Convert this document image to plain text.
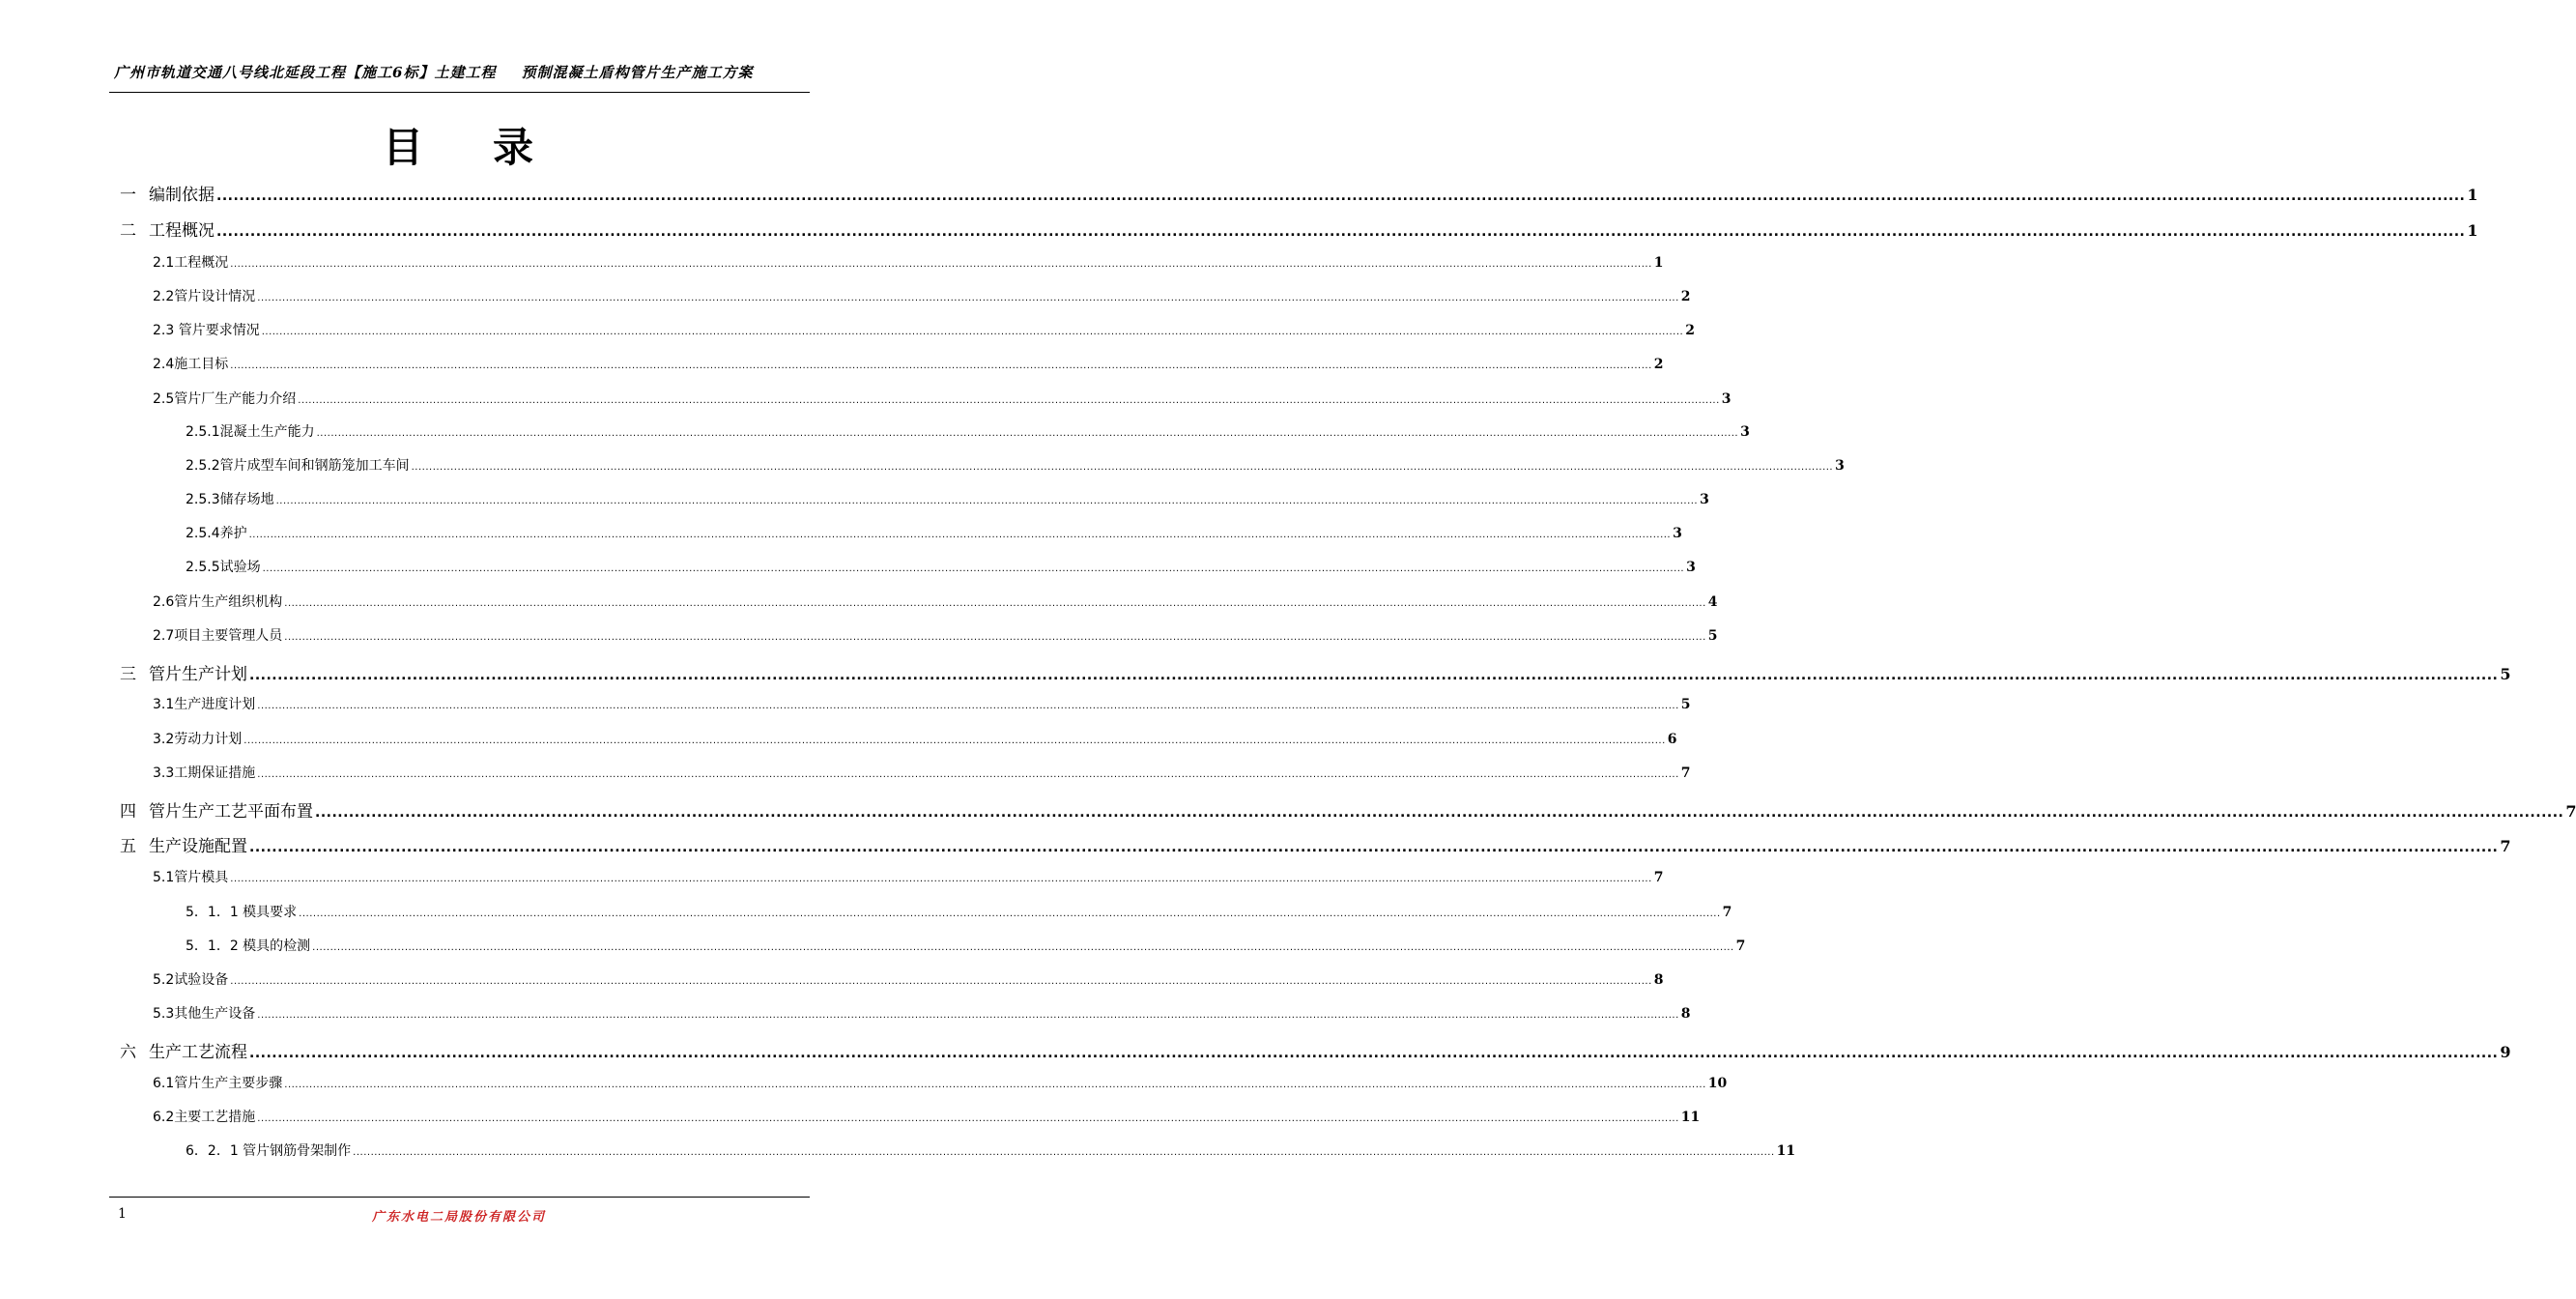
广州市轨道交通八号线北延段工程【施工6标】土建工程 预制混凝土盾构管片生产施工方案
目 录
一 编制依据 ................................................................................................................................................................................................................................................................................................................................................................................................................ 1
二 工程概况 ................................................................................................................................................................................................................................................................................................................................................................................................................ 1
2.1工程概况 ................................................................................................................................................................................................................................................................................................................................................................................................................ 1
2.2管片设计情况 ................................................................................................................................................................................................................................................................................................................................................................................................................ 2
2.3 管片要求情况 ................................................................................................................................................................................................................................................................................................................................................................................................................ 2
2.4施工目标 ................................................................................................................................................................................................................................................................................................................................................................................................................ 2
2.5管片厂生产能力介绍 ................................................................................................................................................................................................................................................................................................................................................................................................................ 3
2.5.1混凝土生产能力 ................................................................................................................................................................................................................................................................................................................................................................................................................ 3
2.5.2管片成型车间和钢筋笼加工车间 ................................................................................................................................................................................................................................................................................................................................................................................................................ 3
2.5.3储存场地 ................................................................................................................................................................................................................................................................................................................................................................................................................ 3
2.5.4养护 ................................................................................................................................................................................................................................................................................................................................................................................................................ 3
2.5.5试验场 ................................................................................................................................................................................................................................................................................................................................................................................................................ 3
2.6管片生产组织机构 ................................................................................................................................................................................................................................................................................................................................................................................................................ 4
2.7项目主要管理人员 ................................................................................................................................................................................................................................................................................................................................................................................................................ 5
三 管片生产计划 ................................................................................................................................................................................................................................................................................................................................................................................................................ 5
3.1生产进度计划 ................................................................................................................................................................................................................................................................................................................................................................................................................ 5
3.2劳动力计划 ................................................................................................................................................................................................................................................................................................................................................................................................................ 6
3.3工期保证措施 ................................................................................................................................................................................................................................................................................................................................................................................................................ 7
四 管片生产工艺平面布置 ................................................................................................................................................................................................................................................................................................................................................................................................................ 7
五 生产设施配置 ................................................................................................................................................................................................................................................................................................................................................................................................................ 7
5.1管片模具 ................................................................................................................................................................................................................................................................................................................................................................................................................ 7
5．1．1 模具要求 ................................................................................................................................................................................................................................................................................................................................................................................................................ 7
5．1．2 模具的检测 ................................................................................................................................................................................................................................................................................................................................................................................................................ 7
5.2试验设备 ................................................................................................................................................................................................................................................................................................................................................................................................................ 8
5.3其他生产设备 ................................................................................................................................................................................................................................................................................................................................................................................................................ 8
六 生产工艺流程 ................................................................................................................................................................................................................................................................................................................................................................................................................ 9
6.1管片生产主要步骤 ................................................................................................................................................................................................................................................................................................................................................................................................................ 10
6.2主要工艺措施 ................................................................................................................................................................................................................................................................................................................................................................................................................ 11
6．2．1 管片钢筋骨架制作 ................................................................................................................................................................................................................................................................................................................................................................................................................ 11
1	广东水电二局股份有限公司
